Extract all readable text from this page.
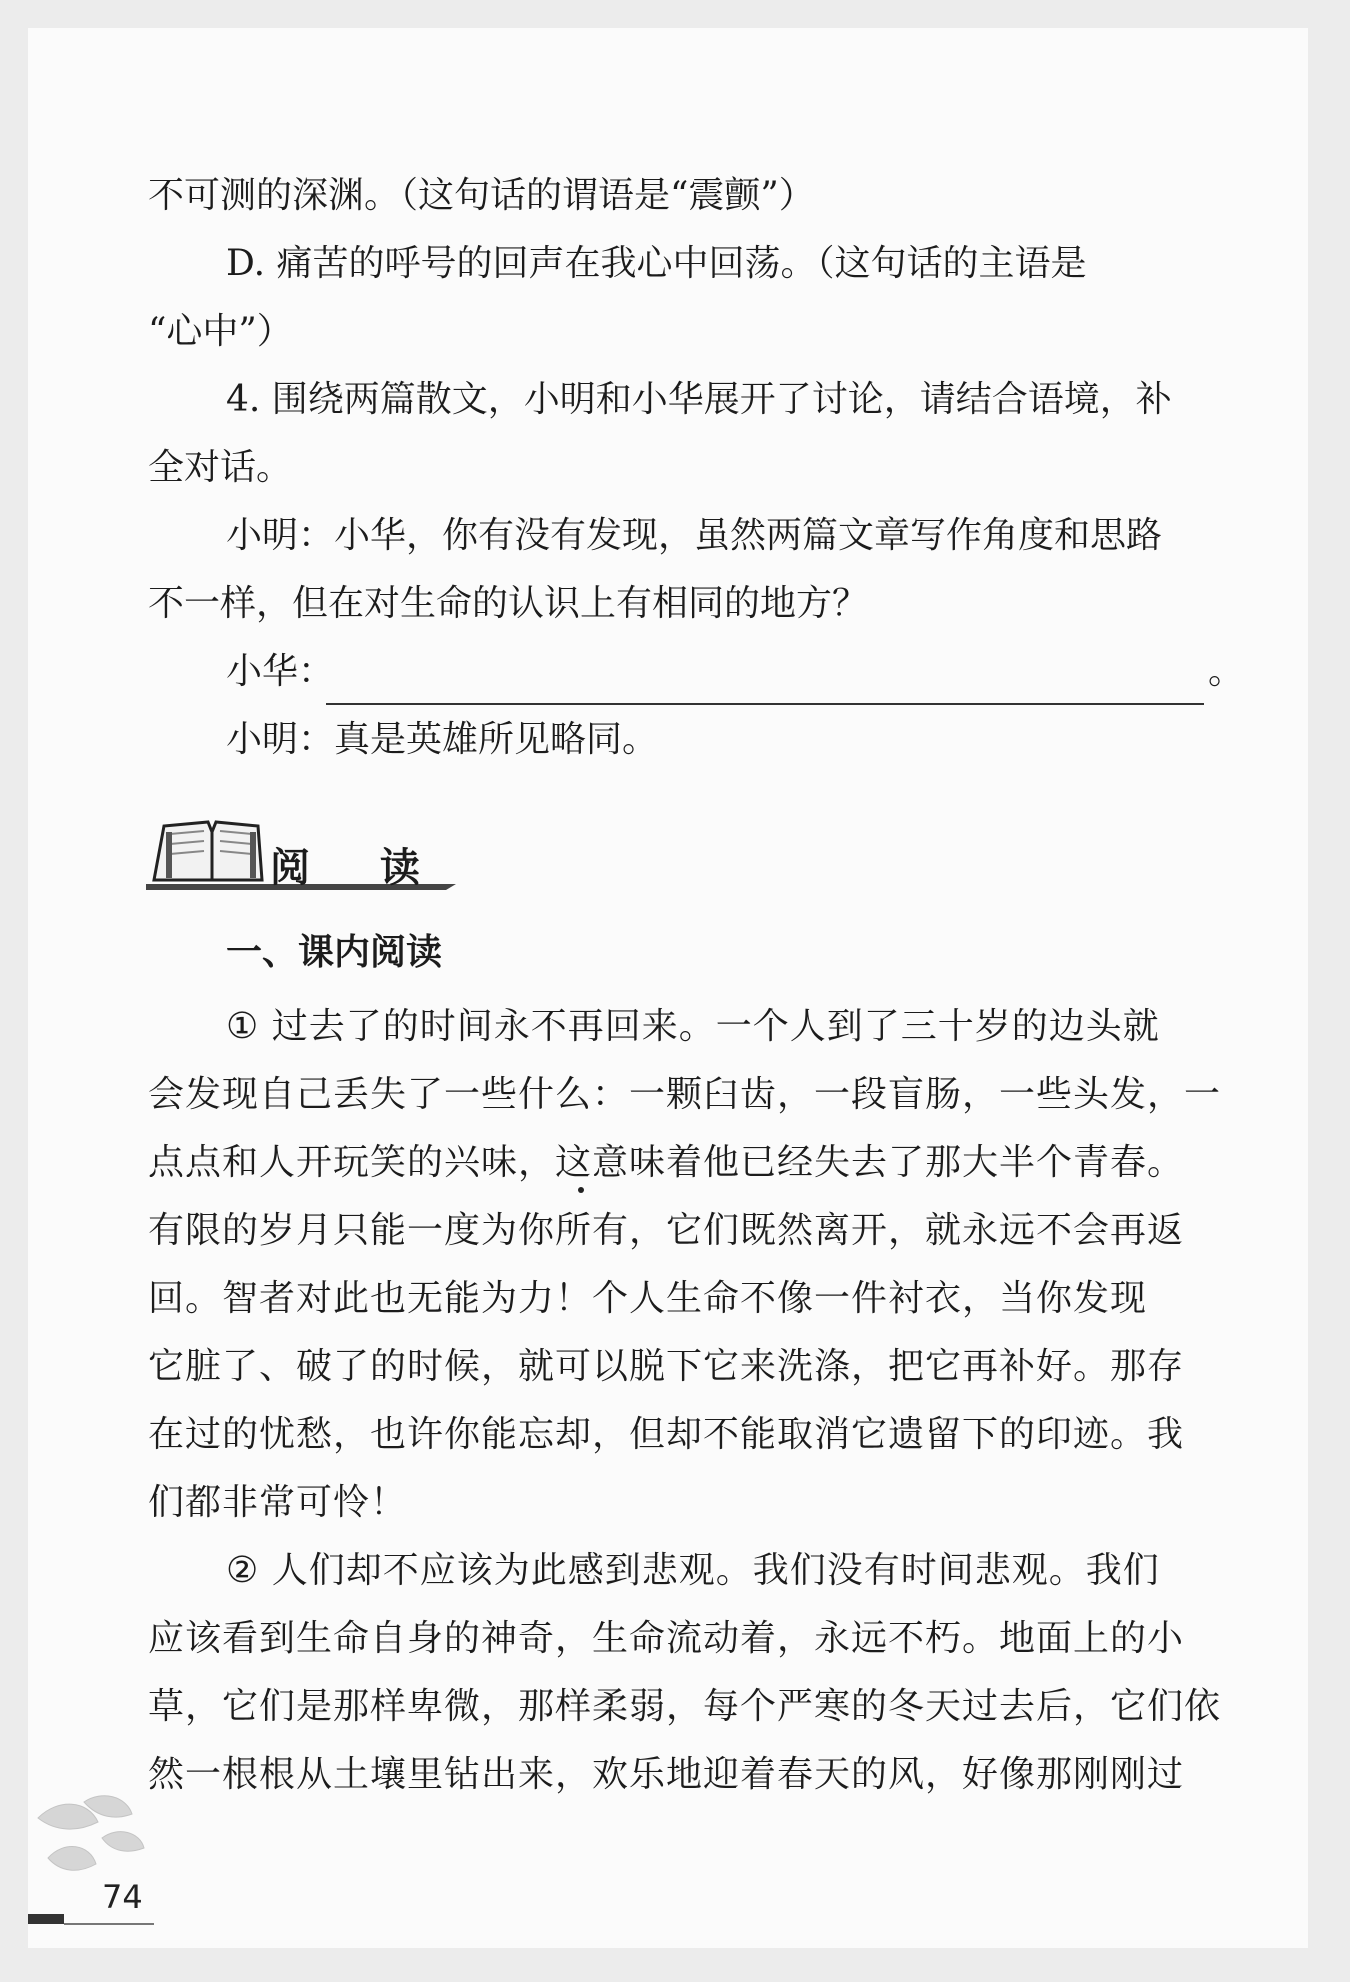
不可测的深渊。（这句话的谓语是“震颤”）
D. 痛苦的呼号的回声在我心中回荡。（这句话的主语是
“心中”）
4. 围绕两篇散文，小明和小华展开了讨论，请结合语境，补
全对话。
小明：小华，你有没有发现，虽然两篇文章写作角度和思路
不一样，但在对生命的认识上有相同的地方？
小华：	。
小明：真是英雄所见略同。
阅 读
一、课内阅读
① 过去了的时间永不再回来。一个人到了三十岁的边头就
会发现自己丢失了一些什么：一颗臼齿，一段盲肠，一些头发，一
点点和人开玩笑的兴味，这意味着他已经失去了那大半个青春。
有限的岁月只能一度为你所有，它们既然离开，就永远不会再返
回。智者对此也无能为力！个人生命不像一件衬衣，当你发现
它脏了、破了的时候，就可以脱下它来洗涤，把它再补好。那存
在过的忧愁，也许你能忘却，但却不能取消它遗留下的印迹。我
们都非常可怜！
② 人们却不应该为此感到悲观。我们没有时间悲观。我们
应该看到生命自身的神奇，生命流动着，永远不朽。地面上的小
草，它们是那样卑微，那样柔弱，每个严寒的冬天过去后，它们依
然一根根从土壤里钻出来，欢乐地迎着春天的风，好像那刚刚过
74
